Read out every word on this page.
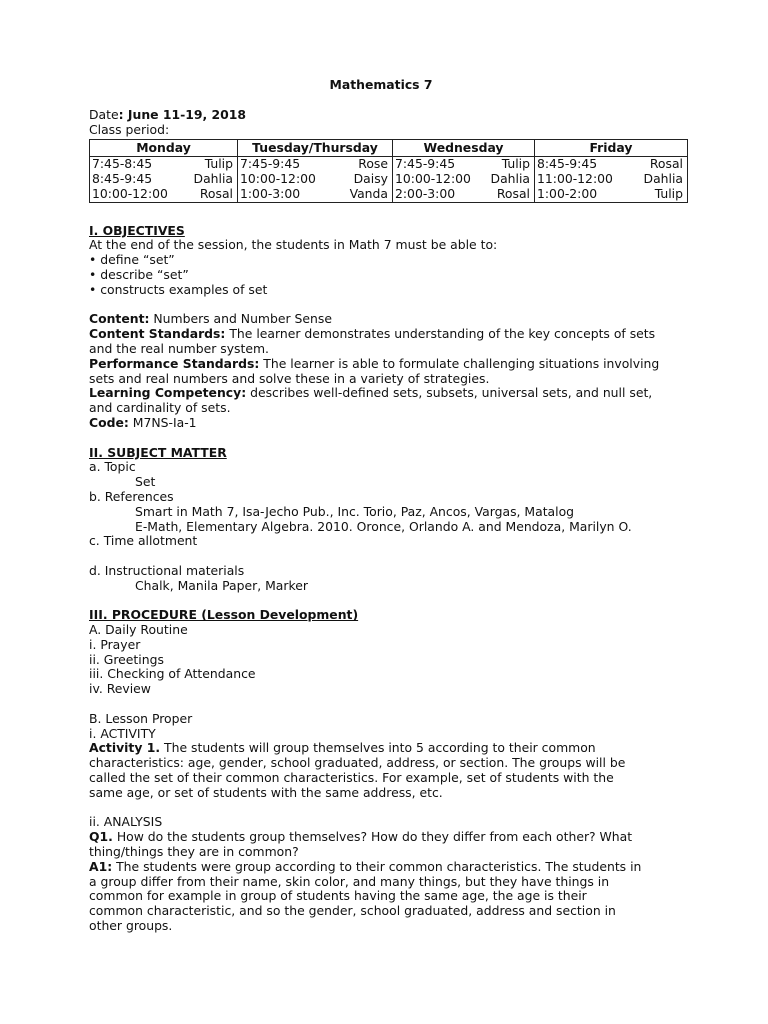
Mathematics 7
Date: June 11-19, 2018
Class period:
Monday	Tuesday/Thursday	Wednesday	Friday

7:45-8:45 Tulip	7:45-9:45 Rose	7:45-9:45 Tulip	8:45-9:45 Rosal

8:45-9:45 Dahlia	10:00-12:00 Daisy	10:00-12:00 Dahlia	11:00-12:00 Dahlia

10:00-12:00 Rosal	1:00-3:00 Vanda	2:00-3:00 Rosal	1:00-2:00 Tulip
I. OBJECTIVES
At the end of the session, the students in Math 7 must be able to:
• define “set”
• describe “set”
• constructs examples of set
Content: Numbers and Number Sense
Content Standards: The learner demonstrates understanding of the key concepts of sets
and the real number system.
Performance Standards: The learner is able to formulate challenging situations involving
sets and real numbers and solve these in a variety of strategies.
Learning Competency: describes well-defined sets, subsets, universal sets, and null set,
and cardinality of sets.
Code: M7NS-Ia-1
II. SUBJECT MATTER
a. Topic
Set
b. References
Smart in Math 7, Isa-Jecho Pub., Inc. Torio, Paz, Ancos, Vargas, Matalog
E-Math, Elementary Algebra. 2010. Oronce, Orlando A. and Mendoza, Marilyn O.
c. Time allotment
d. Instructional materials
Chalk, Manila Paper, Marker
III. PROCEDURE (Lesson Development)
A. Daily Routine
i. Prayer
ii. Greetings
iii. Checking of Attendance
iv. Review
B. Lesson Proper
i. ACTIVITY
Activity 1. The students will group themselves into 5 according to their common
characteristics: age, gender, school graduated, address, or section. The groups will be
called the set of their common characteristics. For example, set of students with the
same age, or set of students with the same address, etc.
ii. ANALYSIS
Q1. How do the students group themselves? How do they differ from each other? What
thing/things they are in common?
A1: The students were group according to their common characteristics. The students in
a group differ from their name, skin color, and many things, but they have things in
common for example in group of students having the same age, the age is their
common characteristic, and so the gender, school graduated, address and section in
other groups.
